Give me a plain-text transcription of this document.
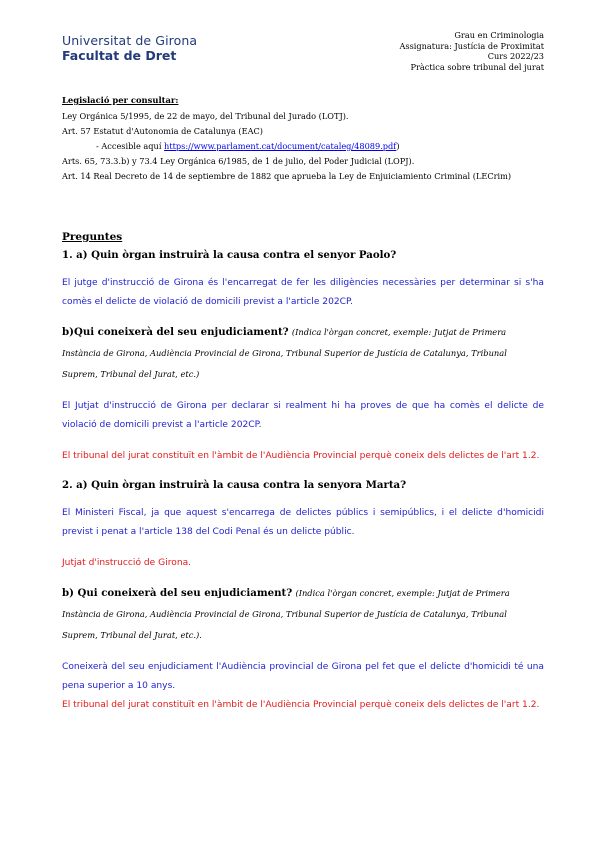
Universitat de Girona
Facultat de Dret
Grau en Criminologia
Assignatura: Justícia de Proximitat
Curs 2022/23
Pràctica sobre tribunal del jurat
Legislació per consultar:
Ley Orgánica 5/1995, de 22 de mayo, del Tribunal del Jurado (LOTJ).
Art. 57 Estatut d'Autonomia de Catalunya (EAC)
- Accesible aquí https://www.parlament.cat/document/cataleg/48089.pdf)
Arts. 65, 73.3.b) y 73.4 Ley Orgánica 6/1985, de 1 de julio, del Poder Judicial (LOPJ).
Art. 14 Real Decreto de 14 de septiembre de 1882 que aprueba la Ley de Enjuiciamiento Criminal (LECrim)
Preguntes
1. a) Quin òrgan instruirà la causa contra el senyor Paolo?
El jutge d'instrucció de Girona és l'encarregat de fer les diligències necessàries per determinar si s'ha comès el delicte de violació de domicili previst a l'article 202CP.
b)Qui coneixerà del seu enjudiciament? (Indica l'òrgan concret, exemple: Jutjat de Primera Instància de Girona, Audiència Provincial de Girona, Tribunal Superior de Justícia de Catalunya, Tribunal Suprem, Tribunal del Jurat, etc.)
El Jutjat d'instrucció de Girona per declarar si realment hi ha proves de que ha comès el delicte de violació de domicili previst a l'article 202CP.
El tribunal del jurat constituït en l'àmbit de l'Audiència Provincial perquè coneix dels delictes de l'art 1.2.
2. a) Quin òrgan instruirà la causa contra la senyora Marta?
El Ministeri Fiscal, ja que aquest s'encarrega de delictes públics i semipúblics, i el delicte d'homicidi previst i penat a l'article 138 del Codi Penal és un delicte públic.
Jutjat d'instrucció de Girona.
b) Qui coneixerà del seu enjudiciament? (Indica l'òrgan concret, exemple: Jutjat de Primera Instància de Girona, Audiència Provincial de Girona, Tribunal Superior de Justícia de Catalunya, Tribunal Suprem, Tribunal del Jurat, etc.).
Coneixerà del seu enjudiciament l'Audiència provincial de Girona pel fet que el delicte d'homicidi té una pena superior a 10 anys.
El tribunal del jurat constituït en l'àmbit de l'Audiència Provincial perquè coneix dels delictes de l'art 1.2.
